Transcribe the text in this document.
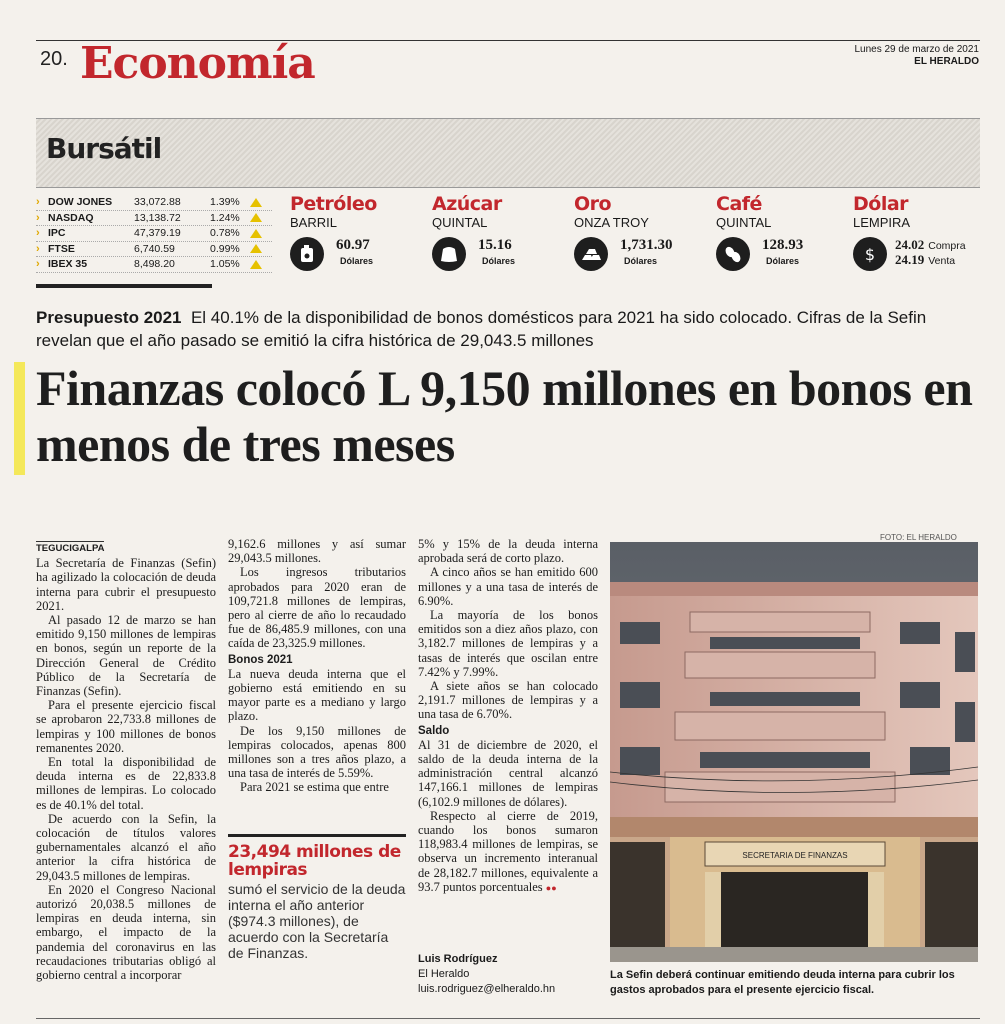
20. Economía	Lunes 29 de marzo de 2021
EL HERALDO
Bursátil
› DOW JONES	33,072.88	1.39%
› NASDAQ	13,138.72	1.24%
› IPC	47,379.19	0.78%
› FTSE	6,740.59	0.99%
› IBEX 35	8,498.20	1.05%
Petróleo
BARRIL
60.97
Dólares
Azúcar
QUINTAL
15.16
Dólares
Oro
ONZA TROY
1,731.30
Dólares
Café
QUINTAL
128.93
Dólares
Dólar
LEMPIRA
$	24.02 Compra
24.19 Venta
Presupuesto 2021 El 40.1% de la disponibilidad de bonos domésticos para 2021 ha sido colocado. Cifras de la Sefin revelan que el año pasado se emitió la cifra histórica de 29,043.5 millones
Finanzas colocó L 9,150 millones en bonos en menos de tres meses
TEGUCIGALPA

La Secretaría de Finanzas (Sefin) ha agilizado la colocación de deuda interna para cubrir el presupuesto 2021.

Al pasado 12 de marzo se han emitido 9,150 millones de lempiras en bonos, según un reporte de la Dirección General de Crédito Público de la Secretaría de Finanzas (Sefin).

Para el presente ejercicio fiscal se aprobaron 22,733.8 millones de lempiras y 100 millones de bonos remanentes 2020.

En total la disponibilidad de deuda interna es de 22,833.8 millones de lempiras. Lo colocado es de 40.1% del total.

De acuerdo con la Sefin, la colocación de títulos valores gubernamentales alcanzó el año anterior la cifra histórica de 29,043.5 millones de lempiras.

En 2020 el Congreso Nacional autorizó 20,038.5 millones de lempiras en deuda interna, sin embargo, el impacto de la pandemia del coronavirus en las recaudaciones tributarias obligó al gobierno central a incorporar

9,162.6 millones y así sumar 29,043.5 millones.

Los ingresos tributarios aprobados para 2020 eran de 109,721.8 millones de lempiras, pero al cierre de año lo recaudado fue de 86,485.9 millones, con una caída de 23,325.9 millones.

Bonos 2021

La nueva deuda interna que el gobierno está emitiendo en su mayor parte es a mediano y largo plazo.

De los 9,150 millones de lempiras colocados, apenas 800 millones son a tres años plazo, a una tasa de interés de 5.59%.

Para 2021 se estima que entre

23,494 millones de lempiras
sumó el servicio de la deuda interna el año anterior ($974.3 millones), de acuerdo con la Secretaría de Finanzas.

5% y 15% de la deuda interna aprobada será de corto plazo.

A cinco años se han emitido 600 millones y a una tasa de interés de 6.90%.

La mayoría de los bonos emitidos son a diez años plazo, con 3,182.7 millones de lempiras y a tasas de interés que oscilan entre 7.42% y 7.99%.

A siete años se han colocado 2,191.7 millones de lempiras y a una tasa de 6.70%.

Saldo

Al 31 de diciembre de 2020, el saldo de la deuda interna de la administración central alcanzó 147,166.1 millones de lempiras (6,102.9 millones de dólares).

Respecto al cierre de 2019, cuando los bonos sumaron 118,983.4 millones de lempiras, se observa un incremento interanual de 28,182.7 millones, equivalente a 93.7 puntos porcentuales ●●

Luis Rodríguez
El Heraldo
luis.rodriguez@elheraldo.hn
FOTO: EL HERALDO
SECRETARIA DE FINANZAS
La Sefin deberá continuar emitiendo deuda interna para cubrir los gastos aprobados para el presente ejercicio fiscal.
